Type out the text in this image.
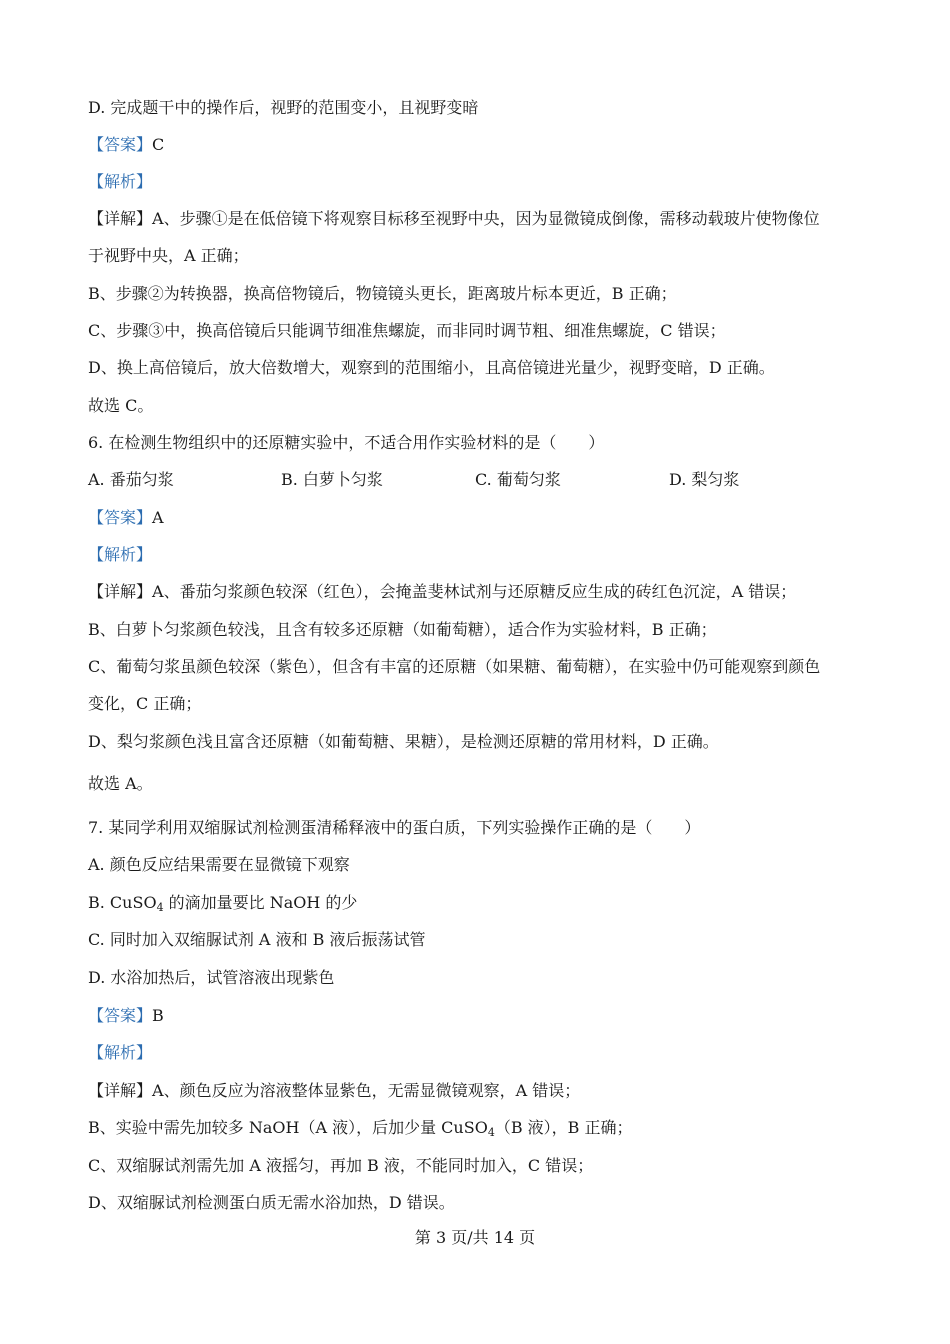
D. 完成题干中的操作后，视野的范围变小，且视野变暗
【答案】C
【解析】
【详解】A、步骤①是在低倍镜下将观察目标移至视野中央，因为显微镜成倒像，需移动载玻片使物像位
于视野中央，A 正确；
B、步骤②为转换器，换高倍物镜后，物镜镜头更长，距离玻片标本更近，B 正确；
C、步骤③中，换高倍镜后只能调节细准焦螺旋，而非同时调节粗、细准焦螺旋，C 错误；
D、换上高倍镜后，放大倍数增大，观察到的范围缩小，且高倍镜进光量少，视野变暗，D 正确。
故选 C。
6. 在检测生物组织中的还原糖实验中，不适合用作实验材料的是（　　）
A. 番茄匀浆	B. 白萝卜匀浆	C. 葡萄匀浆	D. 梨匀浆
【答案】A
【解析】
【详解】A、番茄匀浆颜色较深（红色），会掩盖斐林试剂与还原糖反应生成的砖红色沉淀，A 错误；
B、白萝卜匀浆颜色较浅，且含有较多还原糖（如葡萄糖），适合作为实验材料，B 正确；
C、葡萄匀浆虽颜色较深（紫色），但含有丰富的还原糖（如果糖、葡萄糖），在实验中仍可能观察到颜色
变化，C 正确；
D、梨匀浆颜色浅且富含还原糖（如葡萄糖、果糖），是检测还原糖的常用材料，D 正确。
故选 A。
7. 某同学利用双缩脲试剂检测蛋清稀释液中的蛋白质，下列实验操作正确的是（　　）
A. 颜色反应结果需要在显微镜下观察
B. CuSO$_4$ 的滴加量要比 NaOH 的少
C. 同时加入双缩脲试剂 A 液和 B 液后振荡试管
D. 水浴加热后，试管溶液出现紫色
【答案】B
【解析】
【详解】A、颜色反应为溶液整体显紫色，无需显微镜观察，A 错误；
B、实验中需先加较多 NaOH（A 液），后加少量 CuSO$_4$（B 液），B 正确；
C、双缩脲试剂需先加 A 液摇匀，再加 B 液，不能同时加入，C 错误；
D、双缩脲试剂检测蛋白质无需水浴加热，D 错误。
第 3 页/共 14 页
